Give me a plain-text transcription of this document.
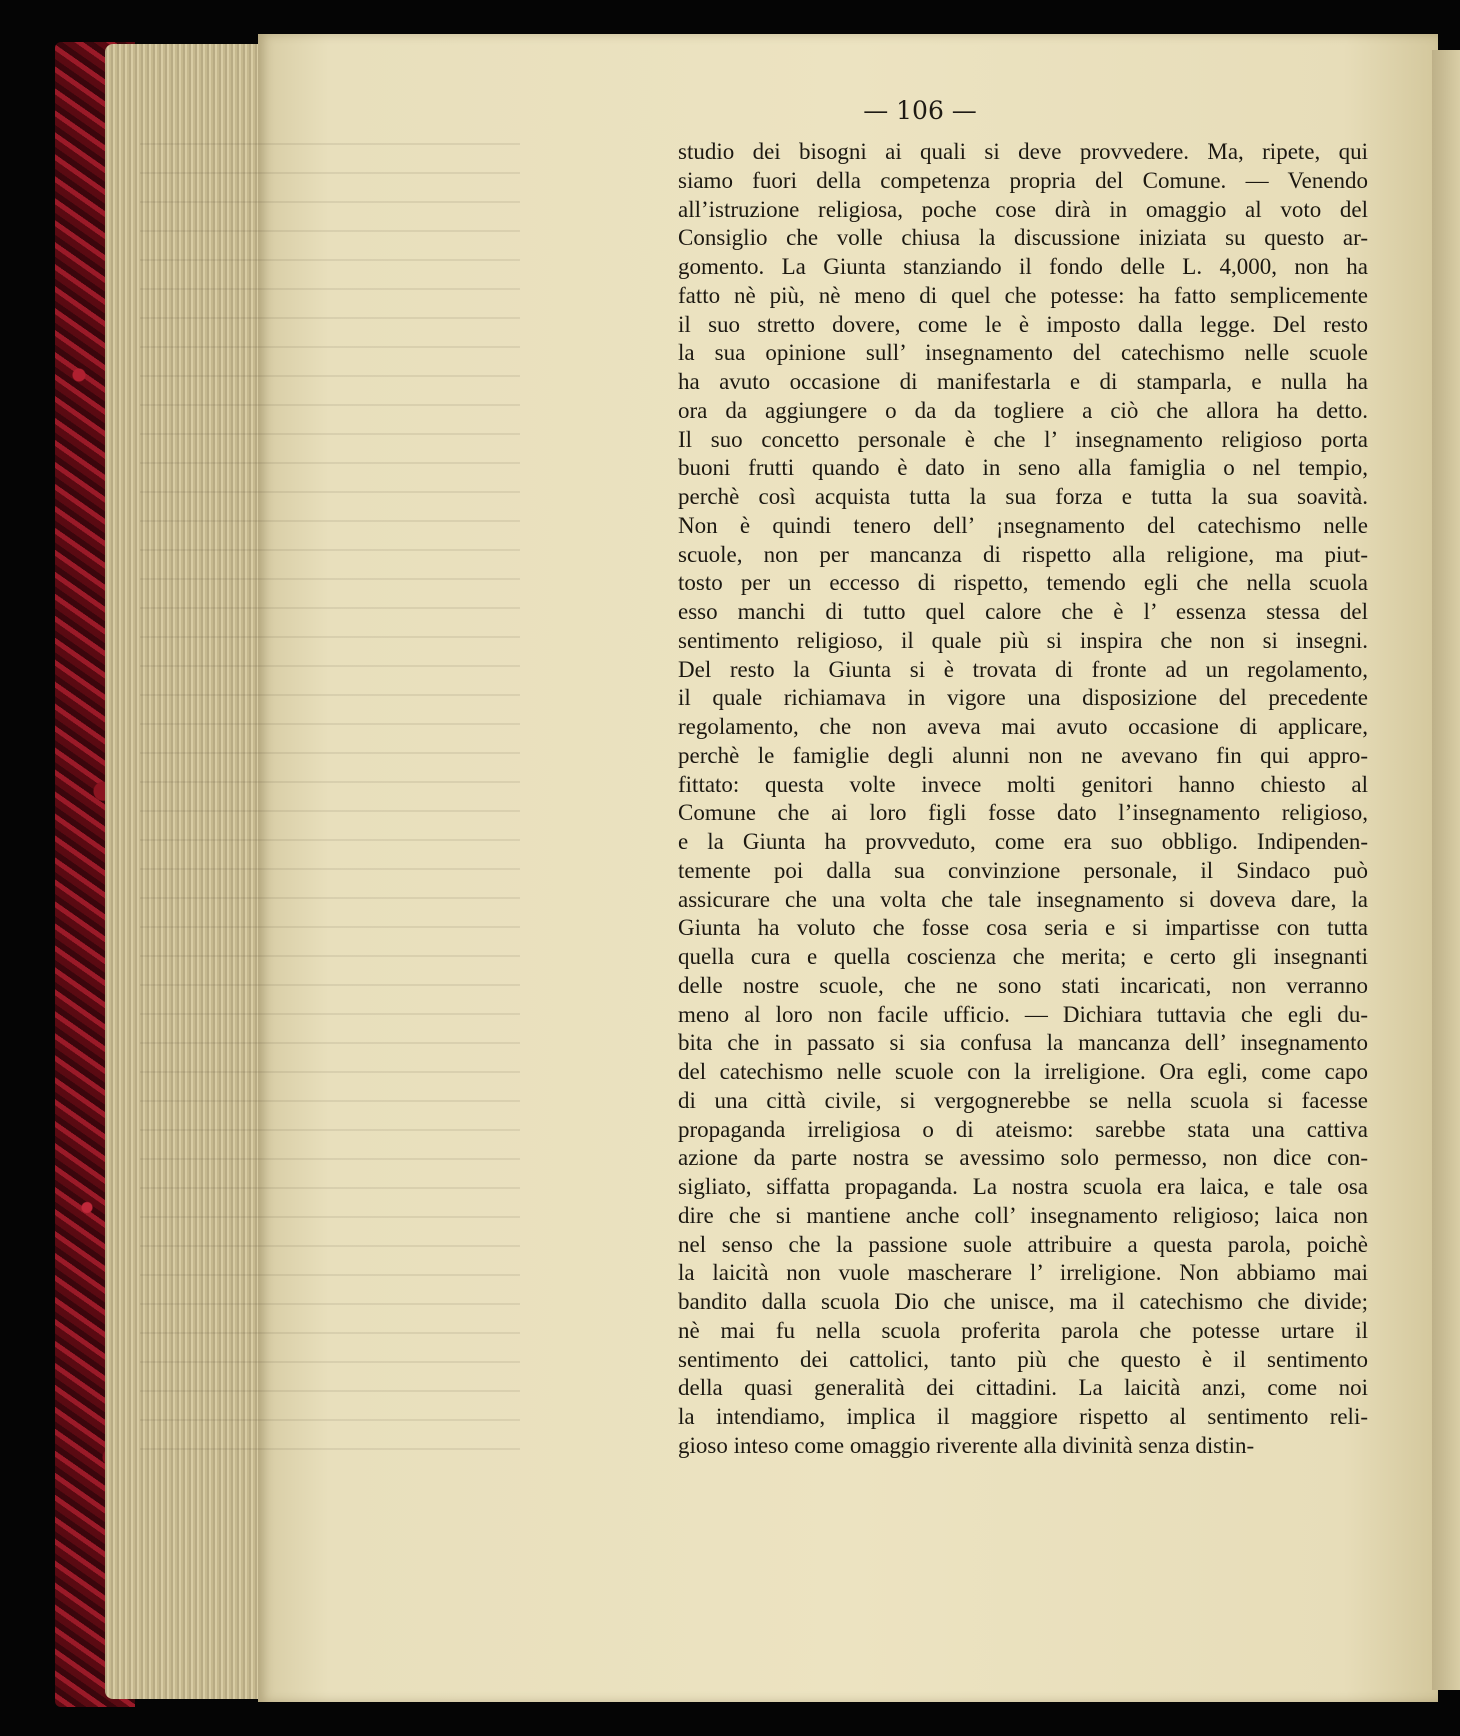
— 106 —

studio dei bisogni ai quali si deve provvedere. Ma, ripete, qui
siamo fuori della competenza propria del Comune. — Venendo
all’istruzione religiosa, poche cose dirà in omaggio al voto del
Consiglio che volle chiusa la discussione iniziata su questo ar-
gomento. La Giunta stanziando il fondo delle L. 4,000, non ha
fatto nè più, nè meno di quel che potesse: ha fatto semplicemente
il suo stretto dovere, come le è imposto dalla legge. Del resto
la sua opinione sull’ insegnamento del catechismo nelle scuole
ha avuto occasione di manifestarla e di stamparla, e nulla ha
ora da aggiungere o da da togliere a ciò che allora ha detto.
Il suo concetto personale è che l’ insegnamento religioso porta
buoni frutti quando è dato in seno alla famiglia o nel tempio,
perchè così acquista tutta la sua forza e tutta la sua soavità.
Non è quindi tenero dell’ ¡nsegnamento del catechismo nelle
scuole, non per mancanza di rispetto alla religione, ma piut-
tosto per un eccesso di rispetto, temendo egli che nella scuola
esso manchi di tutto quel calore che è l’ essenza stessa del
sentimento religioso, il quale più si inspira che non si insegni.
Del resto la Giunta si è trovata di fronte ad un regolamento,
il quale richiamava in vigore una disposizione del precedente
regolamento, che non aveva mai avuto occasione di applicare,
perchè le famiglie degli alunni non ne avevano fin qui appro-
fittato: questa volte invece molti genitori hanno chiesto al
Comune che ai loro figli fosse dato l’insegnamento religioso,
e la Giunta ha provveduto, come era suo obbligo. Indipenden-
temente poi dalla sua convinzione personale, il Sindaco può
assicurare che una volta che tale insegnamento si doveva dare, la
Giunta ha voluto che fosse cosa seria e si impartisse con tutta
quella cura e quella coscienza che merita; e certo gli insegnanti
delle nostre scuole, che ne sono stati incaricati, non verranno
meno al loro non facile ufficio. — Dichiara tuttavia che egli du-
bita che in passato si sia confusa la mancanza dell’ insegnamento
del catechismo nelle scuole con la irreligione. Ora egli, come capo
di una città civile, si vergognerebbe se nella scuola si facesse
propaganda irreligiosa o di ateismo: sarebbe stata una cattiva
azione da parte nostra se avessimo solo permesso, non dice con-
sigliato, siffatta propaganda. La nostra scuola era laica, e tale osa
dire che si mantiene anche coll’ insegnamento religioso; laica non
nel senso che la passione suole attribuire a questa parola, poichè
la laicità non vuole mascherare l’ irreligione. Non abbiamo mai
bandito dalla scuola Dio che unisce, ma il catechismo che divide;
nè mai fu nella scuola proferita parola che potesse urtare il
sentimento dei cattolici, tanto più che questo è il sentimento
della quasi generalità dei cittadini. La laicità anzi, come noi
la intendiamo, implica il maggiore rispetto al sentimento reli-
gioso inteso come omaggio riverente alla divinità senza distin-
